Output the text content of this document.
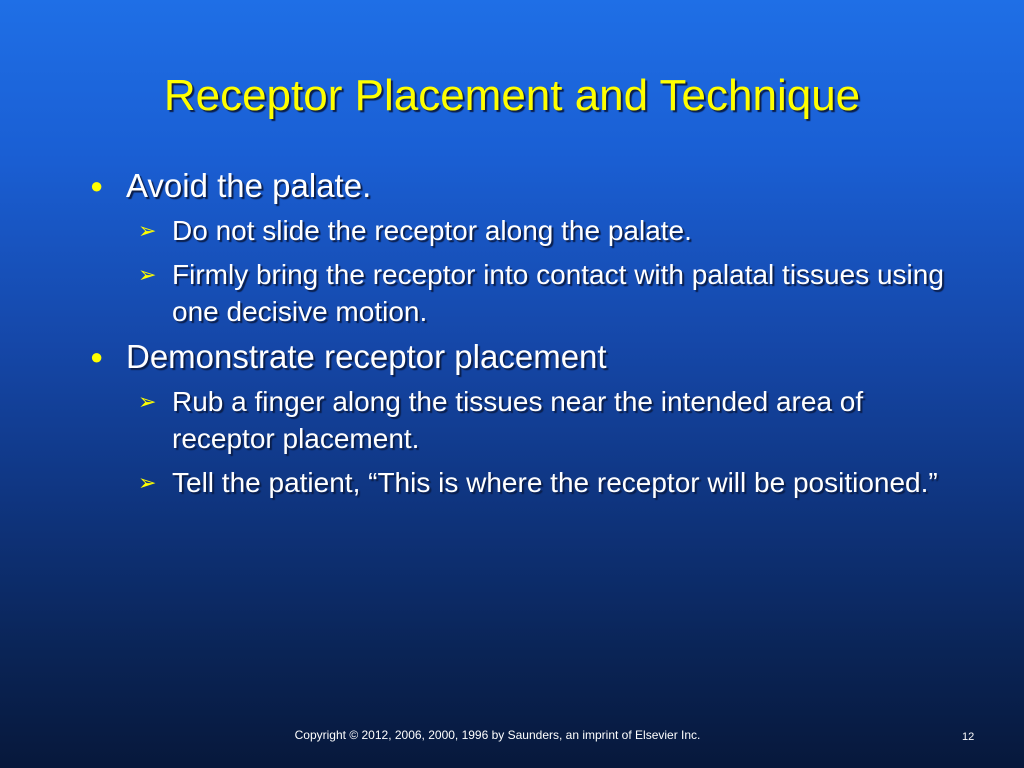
Receptor Placement and Technique
● Avoid the palate.
➢ Do not slide the receptor along the palate.
➢ Firmly bring the receptor into contact with palatal tissues using one decisive motion.
● Demonstrate receptor placement
➢ Rub a finger along the tissues near the intended area of receptor placement.
➢ Tell the patient, “This is where the receptor will be positioned.”
Copyright © 2012, 2006, 2000, 1996 by Saunders, an imprint of Elsevier Inc.	12
